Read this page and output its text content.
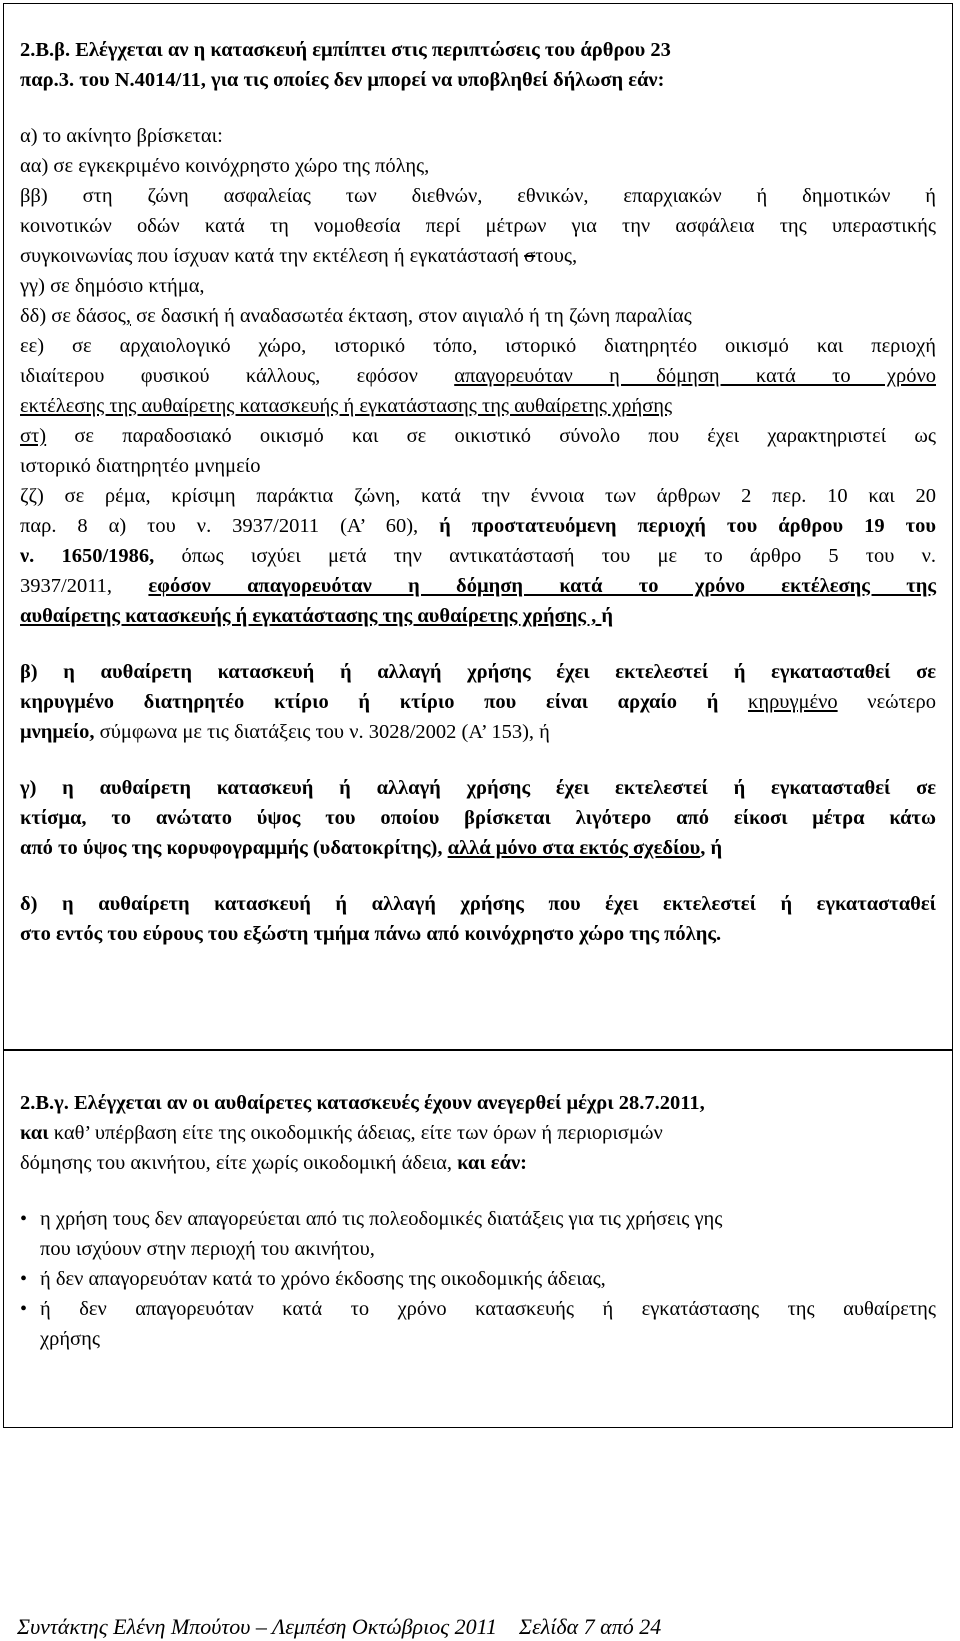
2.Β.β. Ελέγχεται αν η κατασκευή εμπίπτει στις περιπτώσεις του άρθρου 23
παρ.3. του Ν.4014/11, για τις οποίες δεν μπορεί να υποβληθεί δήλωση εάν:
α) το ακίνητο βρίσκεται:
αα) σε εγκεκριμένο κοινόχρηστο χώρο της πόλης,
ββ) στη ζώνη ασφαλείας των διεθνών, εθνικών, επαρχιακών ή δημοτικών ή
κοινοτικών οδών κατά τη νομοθεσία περί μέτρων για την ασφάλεια της υπεραστικής
συγκοινωνίας που ίσχυαν κατά την εκτέλεση ή εγκατάστασή στους,
γγ) σε δημόσιο κτήμα,
δδ) σε δάσος, σε δασική ή αναδασωτέα έκταση, στον αιγιαλό ή τη ζώνη παραλίας
εε) σε αρχαιολογικό χώρο, ιστορικό τόπο, ιστορικό διατηρητέο οικισμό και περιοχή
ιδιαίτερου φυσικού κάλλους, εφόσον απαγορευόταν η δόμηση κατά το χρόνο
εκτέλεσης της αυθαίρετης κατασκευής ή εγκατάστασης της αυθαίρετης χρήσης
στ) σε παραδοσιακό οικισμό και σε οικιστικό σύνολο που έχει χαρακτηριστεί ως
ιστορικό διατηρητέο μνημείο
ζζ) σε ρέμα, κρίσιμη παράκτια ζώνη, κατά την έννοια των άρθρων 2 περ. 10 και 20
παρ. 8 α) του ν. 3937/2011 (Α’ 60), ή προστατευόμενη περιοχή του άρθρου 19 του
ν. 1650/1986, όπως ισχύει μετά την αντικατάστασή του με το άρθρο 5 του ν.
3937/2011, εφόσον απαγορευόταν η δόμηση κατά το χρόνο εκτέλεσης της
αυθαίρετης κατασκευής ή εγκατάστασης της αυθαίρετης χρήσης , ή
β) η αυθαίρετη κατασκευή ή αλλαγή χρήσης έχει εκτελεστεί ή εγκατασταθεί σε
κηρυγμένο διατηρητέο κτίριο ή κτίριο που είναι αρχαίο ή κηρυγμένο νεώτερο
μνημείο, σύμφωνα με τις διατάξεις του ν. 3028/2002 (Α’ 153), ή
γ) η αυθαίρετη κατασκευή ή αλλαγή χρήσης έχει εκτελεστεί ή εγκατασταθεί σε
κτίσμα, το ανώτατο ύψος του οποίου βρίσκεται λιγότερο από είκοσι μέτρα κάτω
από το ύψος της κορυφογραμμής (υδατοκρίτης), αλλά μόνο στα εκτός σχεδίου, ή
δ) η αυθαίρετη κατασκευή ή αλλαγή χρήσης που έχει εκτελεστεί ή εγκατασταθεί
στο εντός του εύρους του εξώστη τμήμα πάνω από κοινόχρηστο χώρο της πόλης.
2.Β.γ. Ελέγχεται αν οι αυθαίρετες κατασκευές έχουν ανεγερθεί μέχρι 28.7.2011,
και καθ’ υπέρβαση είτε της οικοδομικής άδειας, είτε των όρων ή περιορισμών
δόμησης του ακινήτου, είτε χωρίς οικοδομική άδεια, και εάν:
• η χρήση τους δεν απαγορεύεται από τις πολεοδομικές διατάξεις για τις χρήσεις γης
που ισχύουν στην περιοχή του ακινήτου,
• ή δεν απαγορευόταν κατά το χρόνο έκδοσης της οικοδομικής άδειας,
• ή δεν απαγορευόταν κατά το χρόνο κατασκευής ή εγκατάστασης της αυθαίρετης
χρήσης
Συντάκτης Ελένη Μπούτου – Λεμπέση Οκτώβριος 2011 Σελίδα 7 από 24
